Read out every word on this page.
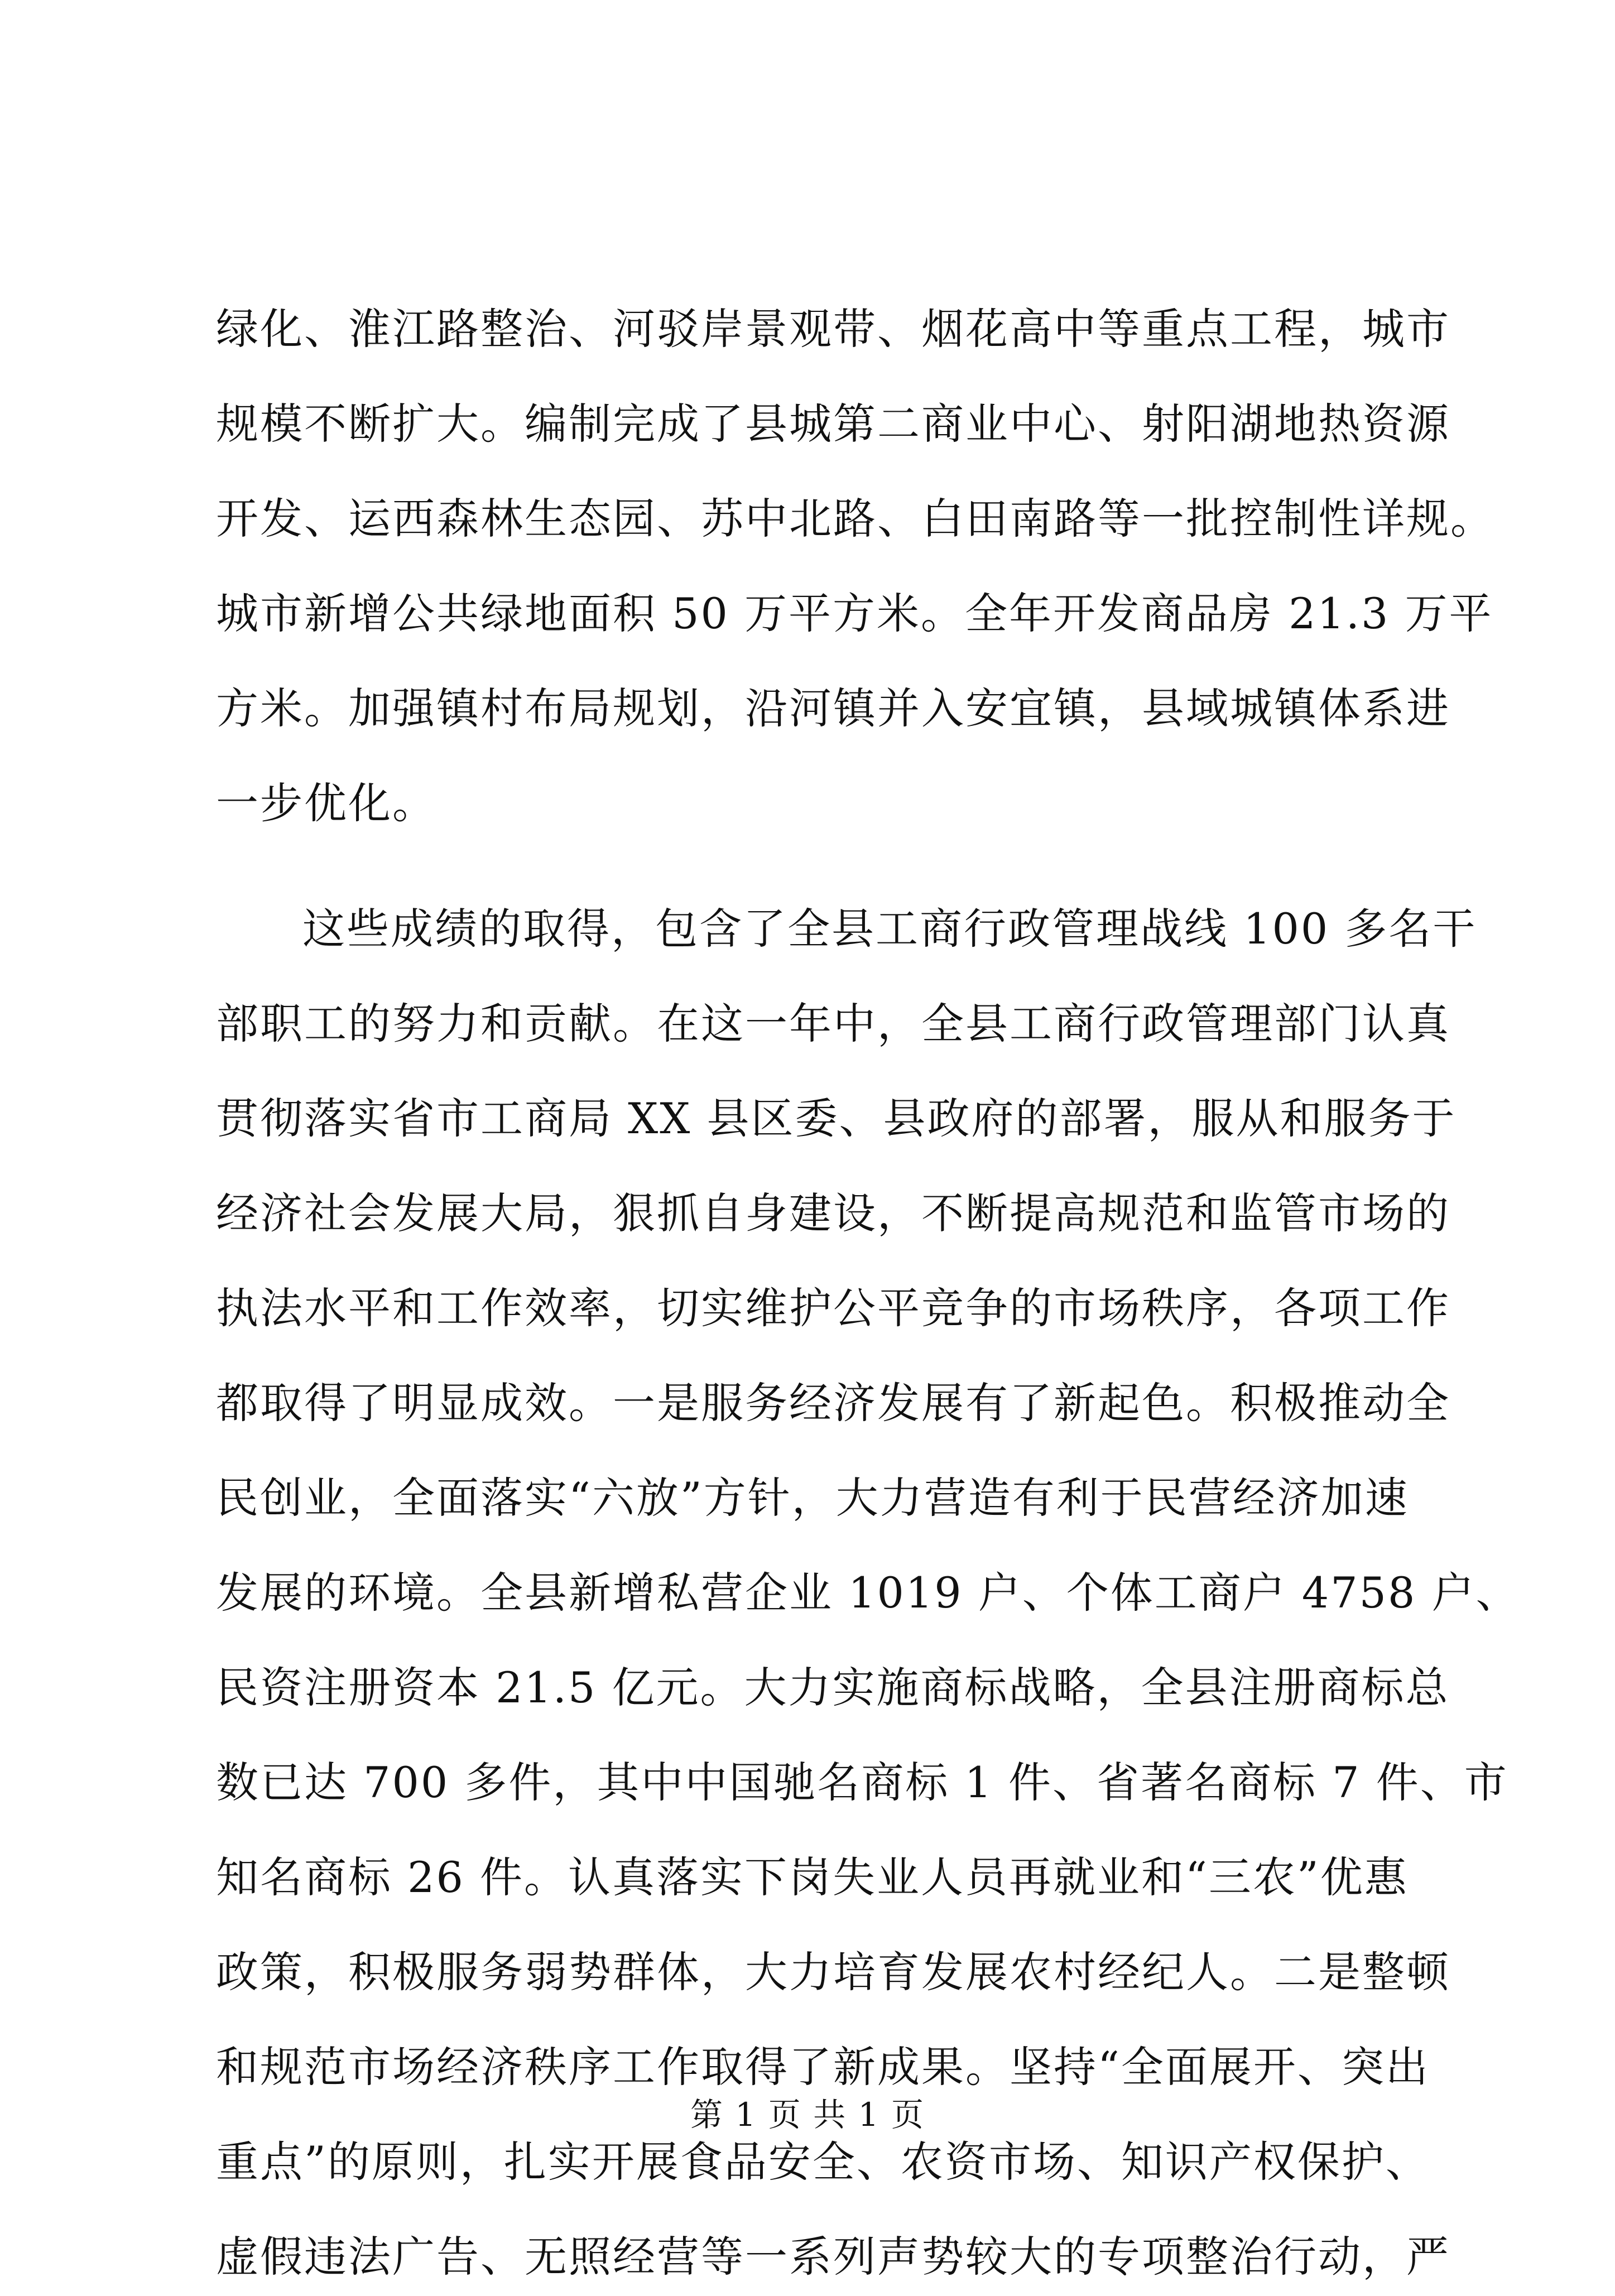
绿化、淮江路整治、河驳岸景观带、烟花高中等重点工程，城市
规模不断扩大。编制完成了县城第二商业中心、射阳湖地热资源
开发、运西森林生态园、苏中北路、白田南路等一批控制性详规。
城市新增公共绿地面积 50 万平方米。全年开发商品房 21.3 万平
方米。加强镇村布局规划，沿河镇并入安宜镇，县域城镇体系进
一步优化。
这些成绩的取得，包含了全县工商行政管理战线 100 多名干
部职工的努力和贡献。在这一年中，全县工商行政管理部门认真
贯彻落实省市工商局 XX 县区委、县政府的部署，服从和服务于
经济社会发展大局，狠抓自身建设，不断提高规范和监管市场的
执法水平和工作效率，切实维护公平竞争的市场秩序，各项工作
都取得了明显成效。一是服务经济发展有了新起色。积极推动全
民创业，全面落实“六放”方针，大力营造有利于民营经济加速
发展的环境。全县新增私营企业 1019 户、个体工商户 4758 户、
民资注册资本 21.5 亿元。大力实施商标战略，全县注册商标总
数已达 700 多件，其中中国驰名商标 1 件、省著名商标 7 件、市
知名商标 26 件。认真落实下岗失业人员再就业和“三农”优惠
政策，积极服务弱势群体，大力培育发展农村经纪人。二是整顿
和规范市场经济秩序工作取得了新成果。坚持“全面展开、突出
重点”的原则，扎实开展食品安全、农资市场、知识产权保护、
虚假违法广告、无照经营等一系列声势较大的专项整治行动，严
第 1 页 共 1 页
